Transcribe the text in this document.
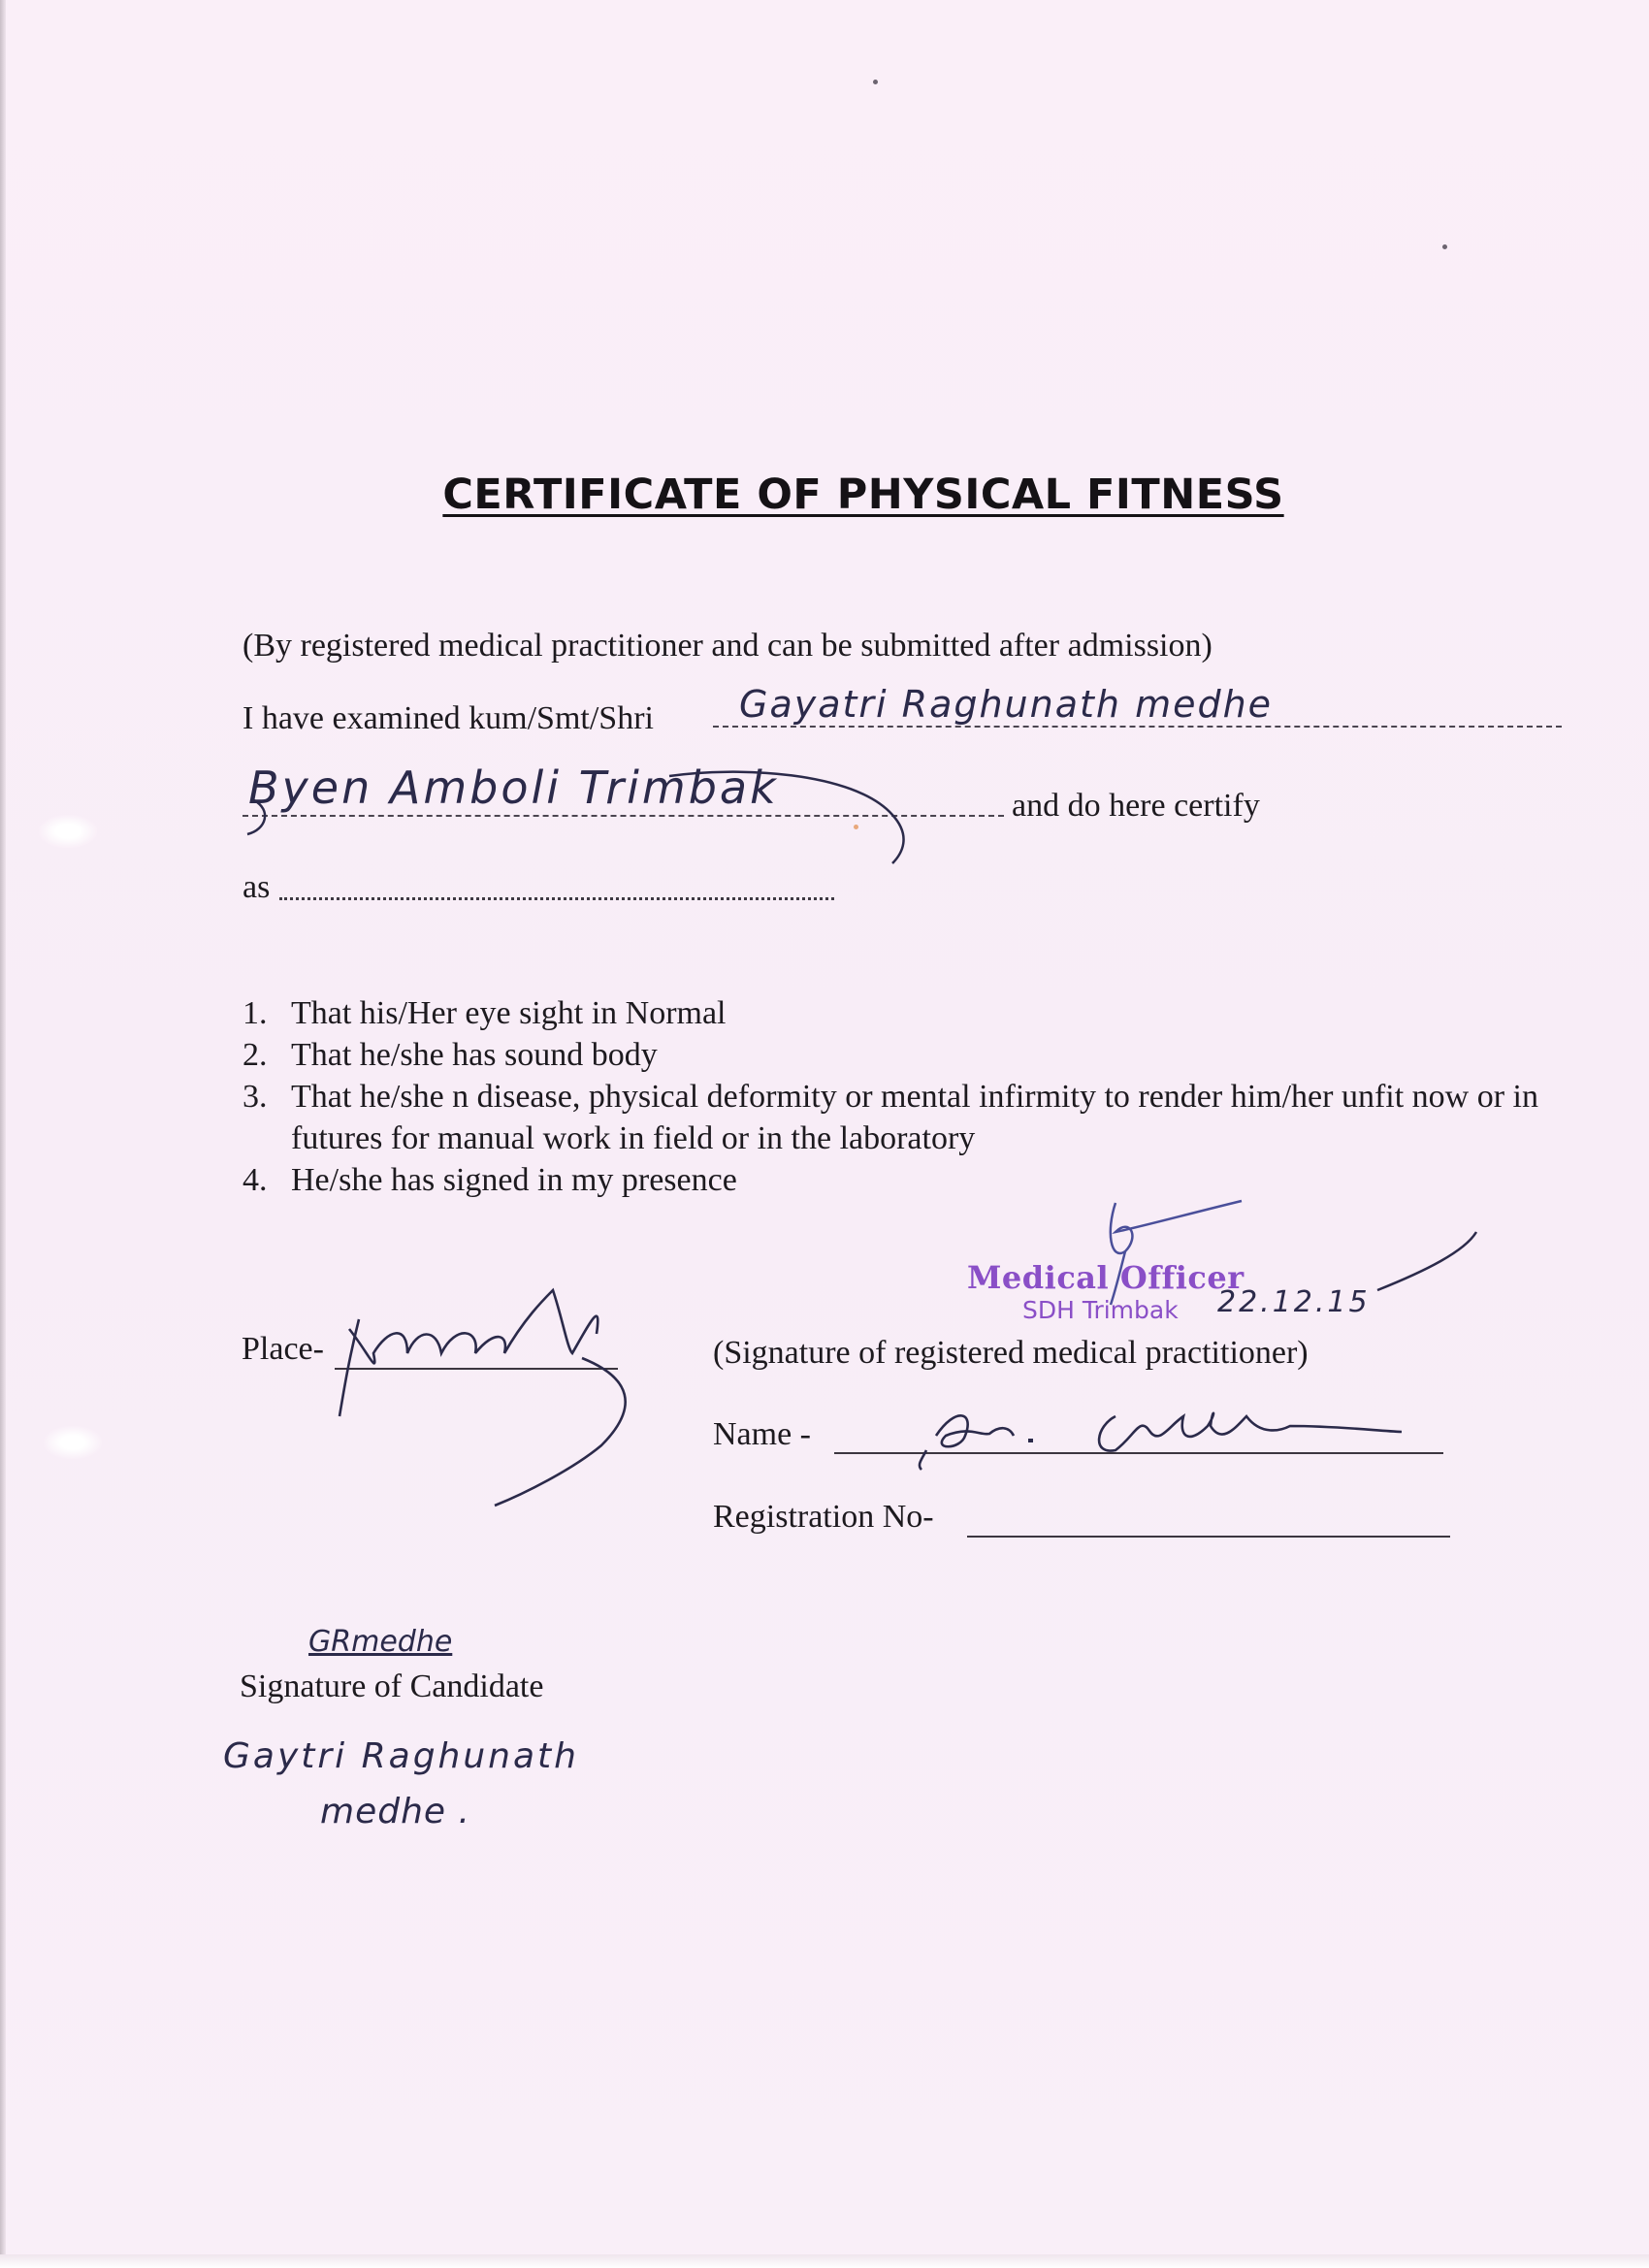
CERTIFICATE OF PHYSICAL FITNESS
(By registered medical practitioner and can be submitted after admission)
I have examined kum/Smt/Shri Gayatri Raghunath medhe
Byen Amboli Trimbak	and do here certify
as
1. That his/Her eye sight in Normal
2. That he/she has sound body
3. That he/she n disease, physical deformity or mental infirmity to render him/her unfit now or in futures for manual work in field or in the laboratory
4. He/she has signed in my presence
Medical Officer
SDH Trimbak 22.12.15
Place-	(Signature of registered medical practitioner)
Name -
Registration No-
GRmedhe
Signature of Candidate
Gaytri Raghunath
medhe .
